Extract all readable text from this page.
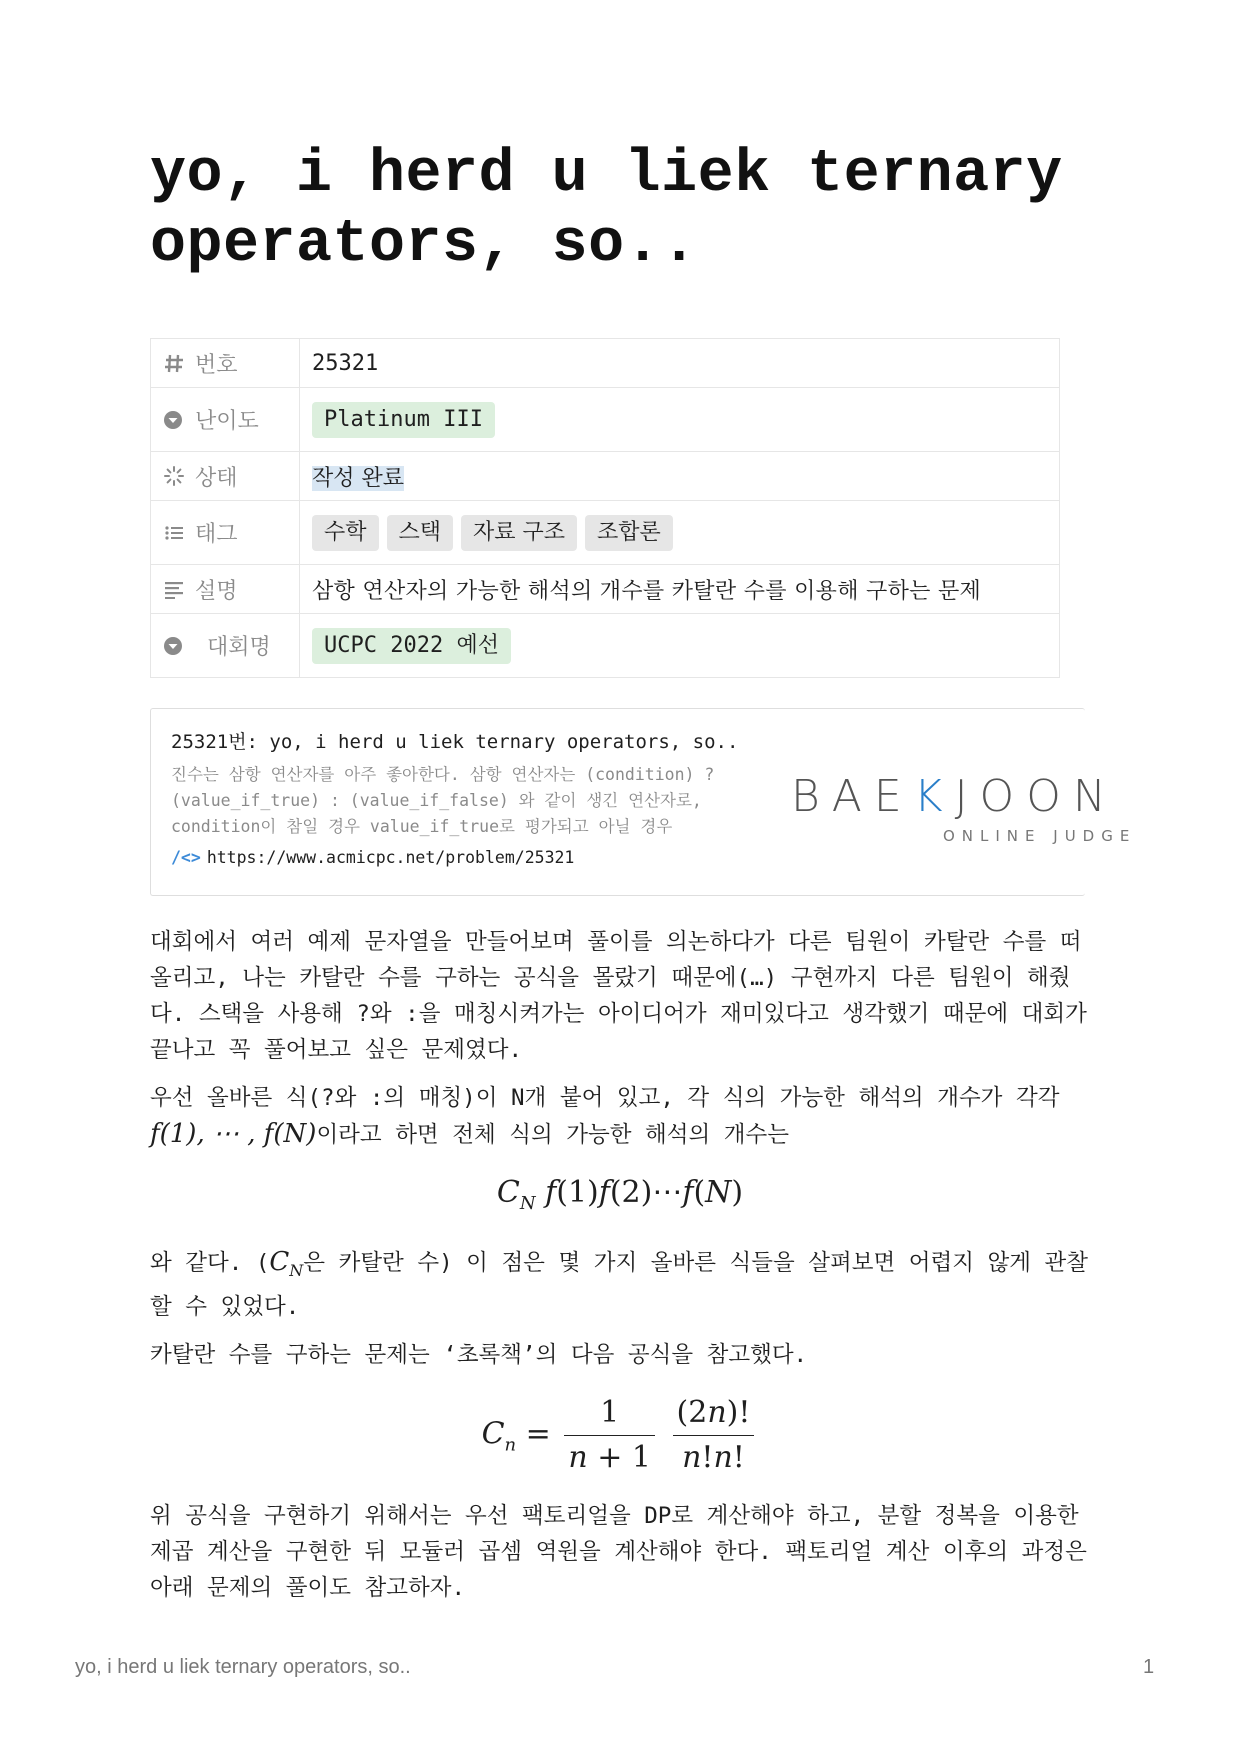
yo, i herd u liek ternary operators, so..
번호	25321

난이도	Platinum III

상태	작성 완료

태그	수학 스택 자료 구조 조합론

설명	삼항 연산자의 가능한 해석의 개수를 카탈란 수를 이용해 구하는 문제

대회명	UCPC 2022 예선
25321번: yo, i herd u liek ternary operators, so..
진수는 삼항 연산자를 아주 좋아한다. 삼항 연산자는 (condition) ? (value_if_true) : (value_if_false) 와 같이 생긴 연산자로, condition이 참일 경우 value_if_true로 평가되고 아닐 경우
/<> https://www.acmicpc.net/problem/25321
BAEKJOON
ONLINE JUDGE

대회에서 여러 예제 문자열을 만들어보며 풀이를 의논하다가 다른 팀원이 카탈란 수를 떠올리고, 나는 카탈란 수를 구하는 공식을 몰랐기 때문에(…) 구현까지 다른 팀원이 해줬다. 스택을 사용해 ?와 :을 매칭시켜가는 아이디어가 재미있다고 생각했기 때문에 대회가 끝나고 꼭 풀어보고 싶은 문제였다.

우선 올바른 식(?와 :의 매칭)이 N개 붙어 있고, 각 식의 가능한 해석의 개수가 각각 f(1), ⋯ , f(N)이라고 하면 전체 식의 가능한 해석의 개수는

$C_N$ f(1)f(2)⋯f(N)

와 같다. ($C_N$은 카탈란 수) 이 점은 몇 가지 올바른 식들을 살펴보면 어렵지 않게 관찰할 수 있었다.

카탈란 수를 구하는 문제는 ‘초록책’의 다음 공식을 참고했다.

$C_n = \frac{1}{n + 1}$
$\frac{(2n)!}{n!n!}$

위 공식을 구현하기 위해서는 우선 팩토리얼을 DP로 계산해야 하고, 분할 정복을 이용한 제곱 계산을 구현한 뒤 모듈러 곱셈 역원을 계산해야 한다. 팩토리얼 계산 이후의 과정은 아래 문제의 풀이도 참고하자.

yo, i herd u liek ternary operators, so..	1
